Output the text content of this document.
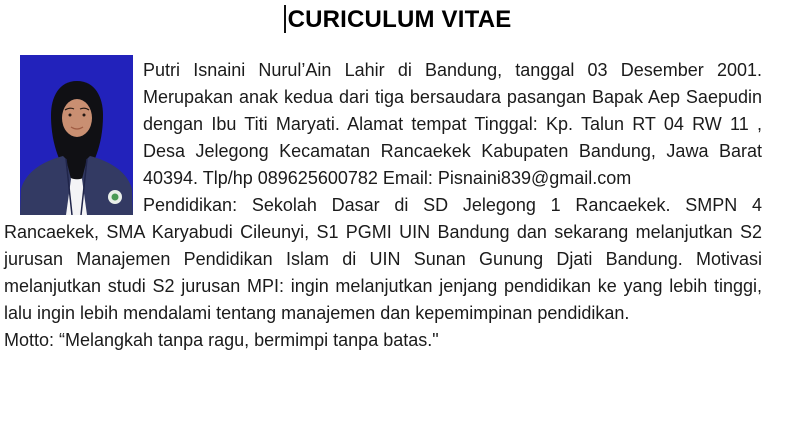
CURICULUM VITAE

Putri Isnaini Nurul’Ain Lahir di Bandung, tanggal 03 Desember 2001. Merupakan anak kedua dari tiga bersaudara pasangan Bapak Aep Saepudin dengan Ibu Titi Maryati. Alamat tempat Tinggal: Kp. Talun RT 04 RW 11 , Desa Jelegong Kecamatan Rancaekek Kabupaten Bandung, Jawa Barat 40394. Tlp/hp 089625600782 Email: Pisnaini839@gmail.com

Pendidikan: Sekolah Dasar di SD Jelegong 1 Rancaekek. SMPN 4 Rancaekek, SMA Karyabudi Cileunyi, S1 PGMI UIN Bandung dan sekarang melanjutkan S2 jurusan Manajemen Pendidikan Islam di UIN Sunan Gunung Djati Bandung. Motivasi melanjutkan studi S2 jurusan MPI: ingin melanjutkan jenjang pendidikan ke yang lebih tinggi, lalu ingin lebih mendalami tentang manajemen dan kepemimpinan pendidikan.

Motto: “Melangkah tanpa ragu, bermimpi tanpa batas."
